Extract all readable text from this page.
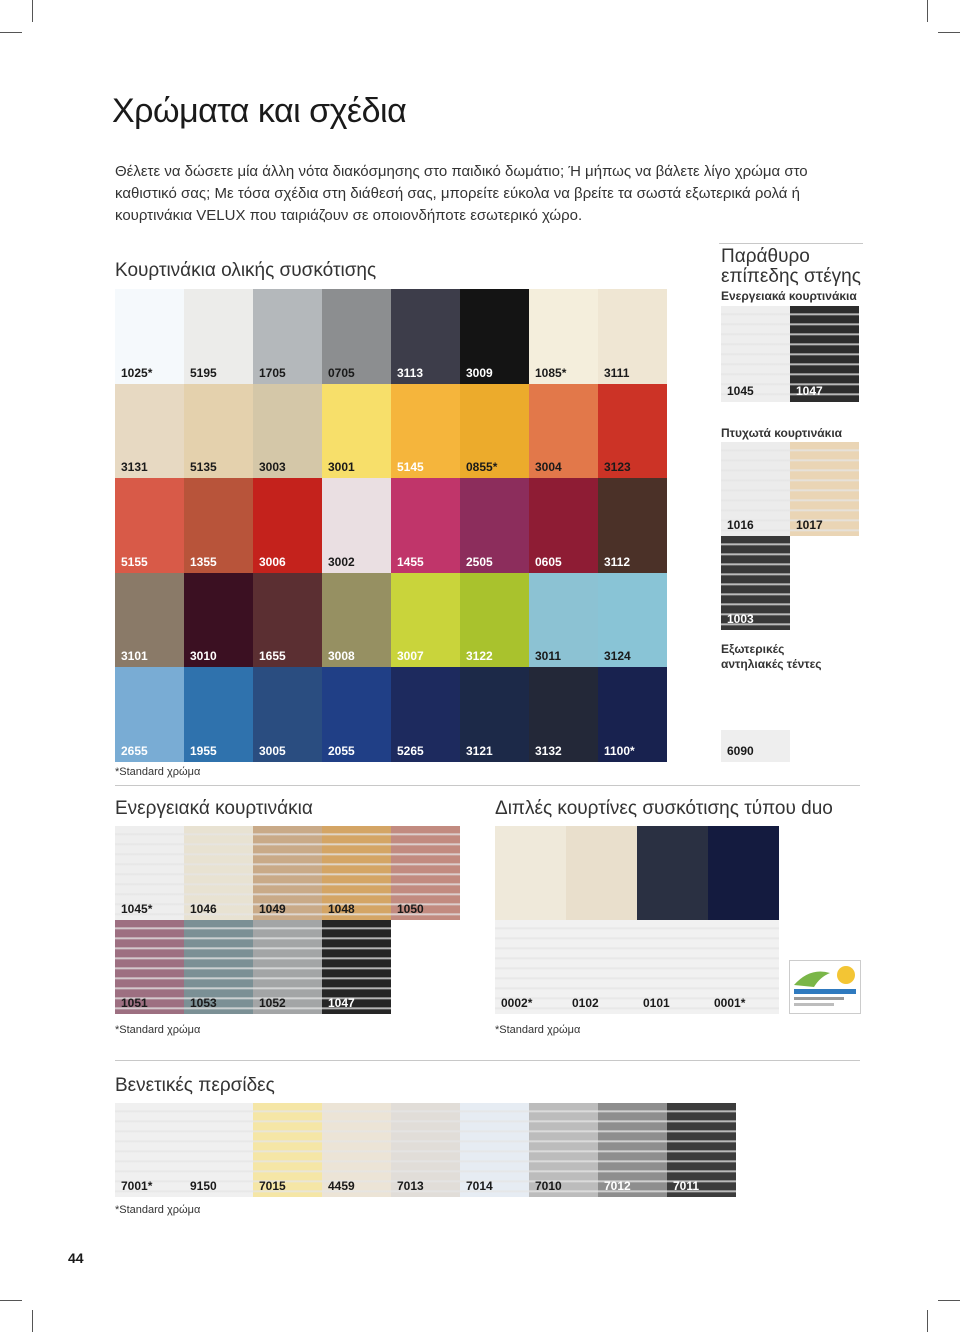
Χρώματα και σχέδια

Θέλετε να δώσετε μία άλλη νότα διακόσμησης στο παιδικό δωμάτιο; Ή μήπως να βάλετε λίγο χρώμα στο καθιστικό σας; Με τόσα σχέδια στη διάθεσή σας, μπορείτε εύκολα να βρείτε τα σωστά εξωτερικά ρολά ή κουρτινάκια VELUX που ταιριάζουν σε οποιονδήποτε εσωτερικό χώρο.

Κουρτινάκια ολικής συσκότισης

1025*	5195	1705	0705	3113	3009	1085*	3111
3131	5135	3003	3001	5145	0855*	3004	3123
5155	1355	3006	3002	1455	2505	0605	3112
3101	3010	1655	3008	3007	3122	3011	3124
2655	1955	3005	2055	5265	3121	3132	1100*

*Standard χρώμα

Παράθυρο

επίπεδης στέγης

Ενεργειακά κουρτινάκια

1045	1047

Πτυχωτά κουρτινάκια

1016	1017
1003

Εξωτερικές

αντηλιακές τέντες

6090

Ενεργειακά κουρτινάκια

1045*	1046	1049	1048	1050
1051	1053	1052	1047

*Standard χρώμα

Διπλές κουρτίνες συσκότισης τύπου duo

0002*	0102	0101	0001*

*Standard χρώμα

Βενετικές περσίδες

7001*	9150	7015	4459	7013	7014	7010	7012	7011

*Standard χρώμα

44
